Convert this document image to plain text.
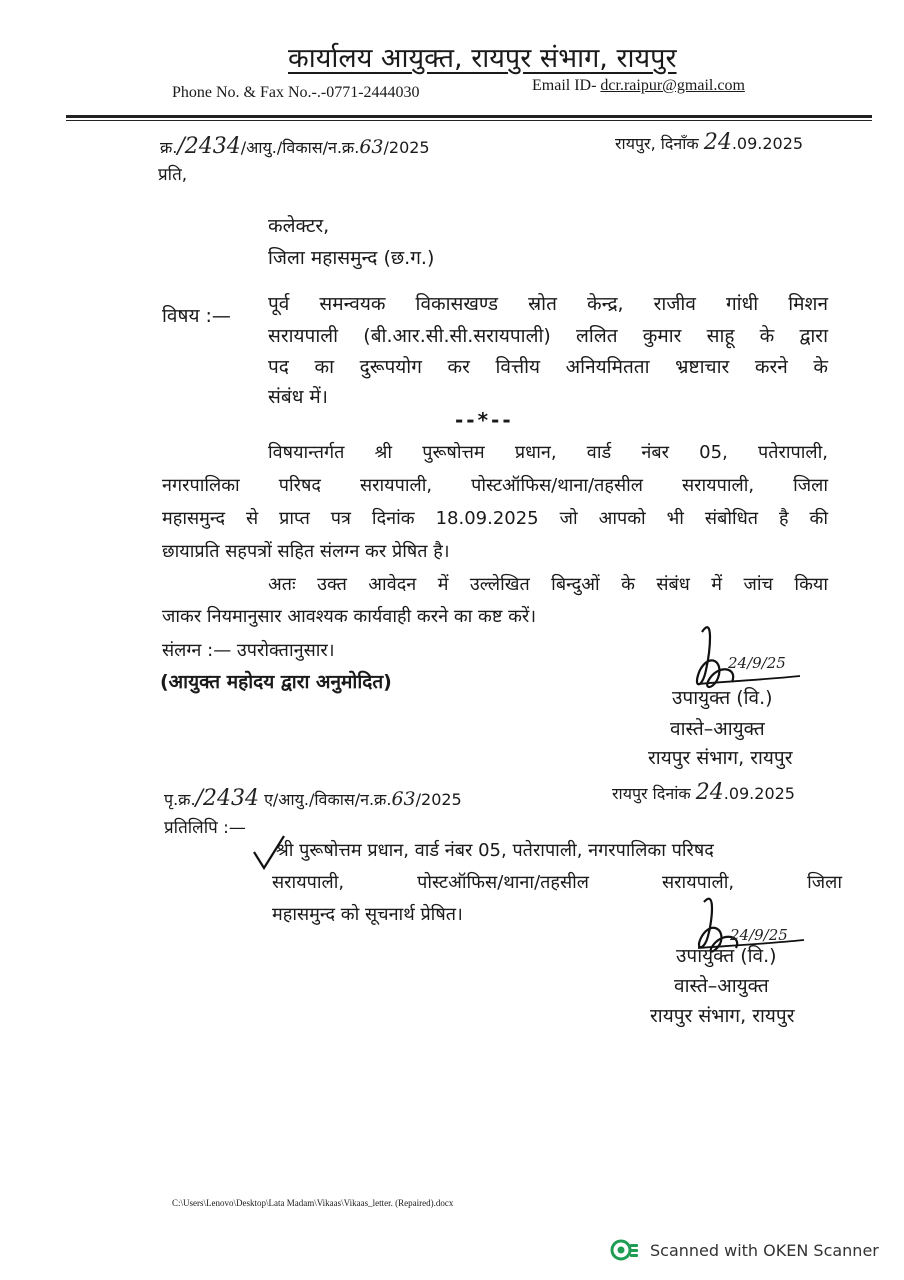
कार्यालय आयुक्त, रायपुर संभाग, रायपुर
Phone No. & Fax No.-.-0771-2444030	Email ID- dcr.raipur@gmail.com
क्र./2434/आयु./विकास/न.क्र.63/2025	रायपुर, दिनाँक 24.09.2025
प्रति,
कलेक्टर,
जिला महासमुन्द (छ.ग.)
विषय :—
पूर्व समन्वयक विकासखण्ड स्रोत केन्द्र, राजीव गांधी मिशन
सरायपाली (बी.आर.सी.सी.सरायपाली) ललित कुमार साहू के द्वारा
पद का दुरूपयोग कर वित्तीय अनियमितता भ्रष्टाचार करने के
संबंध में।
--*--
विषयान्तर्गत श्री पुरूषोत्तम प्रधान, वार्ड नंबर 05, पतेरापाली,
नगरपालिका परिषद सरायपाली, पोस्टऑफिस/थाना/तहसील सरायपाली, जिला
महासमुन्द से प्राप्त पत्र दिनांक 18.09.2025 जो आपको भी संबोधित है की
छायाप्रति सहपत्रों सहित संलग्न कर प्रेषित है।
अतः उक्त आवेदन में उल्लेखित बिन्दुओं के संबंध में जांच किया
जाकर नियमानुसार आवश्यक कार्यवाही करने का कष्ट करें।
संलग्न :— उपरोक्तानुसार।
(आयुक्त महोदय द्वारा अनुमोदित)
24/9/25
उपायुक्त (वि.)
वास्ते–आयुक्त
रायपुर संभाग, रायपुर
पृ.क्र./2434 ए/आयु./विकास/न.क्र.63/2025	रायपुर दिनांक 24.09.2025
प्रतिलिपि :—
श्री पुरूषोत्तम प्रधान, वार्ड नंबर 05, पतेरापाली, नगरपालिका परिषद
सरायपाली, पोस्टऑफिस/थाना/तहसील सरायपाली, जिला
महासमुन्द को सूचनार्थ प्रेषित।
24/9/25
उपायुक्त (वि.)
वास्ते–आयुक्त
रायपुर संभाग, रायपुर
C:\Users\Lenovo\Desktop\Lata Madam\Vikaas\Vikaas_letter. (Repaired).docx
Scanned with OKEN Scanner
